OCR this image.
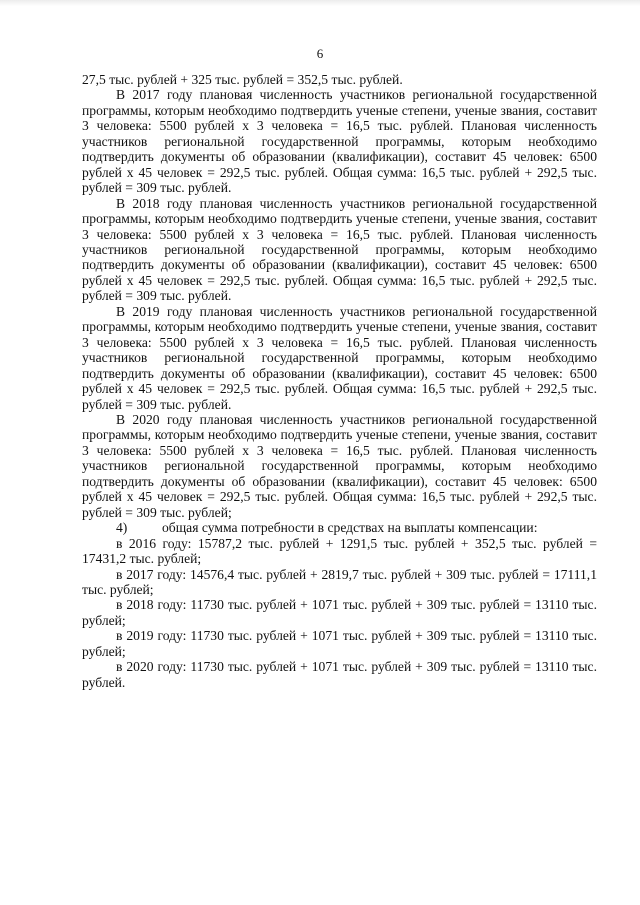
6

27,5 тыс. рублей + 325 тыс. рублей = 352,5 тыс. рублей.

В 2017 году плановая численность участников региональной государственной программы, которым необходимо подтвердить ученые степени, ученые звания, составит 3 человека: 5500 рублей х 3 человека = 16,5 тыс. рублей. Плановая численность участников региональной государственной программы, которым необходимо подтвердить документы об образовании (квалификации), составит 45 человек: 6500 рублей х 45 человек = 292,5 тыс. рублей. Общая сумма: 16,5 тыс. рублей + 292,5 тыс. рублей = 309 тыс. рублей.

В 2018 году плановая численность участников региональной государственной программы, которым необходимо подтвердить ученые степени, ученые звания, составит 3 человека: 5500 рублей х 3 человека = 16,5 тыс. рублей. Плановая численность участников региональной государственной программы, которым необходимо подтвердить документы об образовании (квалификации), составит 45 человек: 6500 рублей х 45 человек = 292,5 тыс. рублей. Общая сумма: 16,5 тыс. рублей + 292,5 тыс. рублей = 309 тыс. рублей.

В 2019 году плановая численность участников региональной государственной программы, которым необходимо подтвердить ученые степени, ученые звания, составит 3 человека: 5500 рублей х 3 человека = 16,5 тыс. рублей. Плановая численность участников региональной государственной программы, которым необходимо подтвердить документы об образовании (квалификации), составит 45 человек: 6500 рублей х 45 человек = 292,5 тыс. рублей. Общая сумма: 16,5 тыс. рублей + 292,5 тыс. рублей = 309 тыс. рублей.

В 2020 году плановая численность участников региональной государственной программы, которым необходимо подтвердить ученые степени, ученые звания, составит 3 человека: 5500 рублей х 3 человека = 16,5 тыс. рублей. Плановая численность участников региональной государственной программы, которым необходимо подтвердить документы об образовании (квалификации), составит 45 человек: 6500 рублей х 45 человек = 292,5 тыс. рублей. Общая сумма: 16,5 тыс. рублей + 292,5 тыс. рублей = 309 тыс. рублей;

4)	общая сумма потребности в средствах на выплаты компенсации:

в 2016 году: 15787,2 тыс. рублей + 1291,5 тыс. рублей + 352,5 тыс. рублей = 17431,2 тыс. рублей;

в 2017 году: 14576,4 тыс. рублей + 2819,7 тыс. рублей + 309 тыс. рублей = 17111,1 тыс. рублей;

в 2018 году: 11730 тыс. рублей + 1071 тыс. рублей + 309 тыс. рублей = 13110 тыс. рублей;

в 2019 году: 11730 тыс. рублей + 1071 тыс. рублей + 309 тыс. рублей = 13110 тыс. рублей;

в 2020 году: 11730 тыс. рублей + 1071 тыс. рублей + 309 тыс. рублей = 13110 тыс. рублей.
